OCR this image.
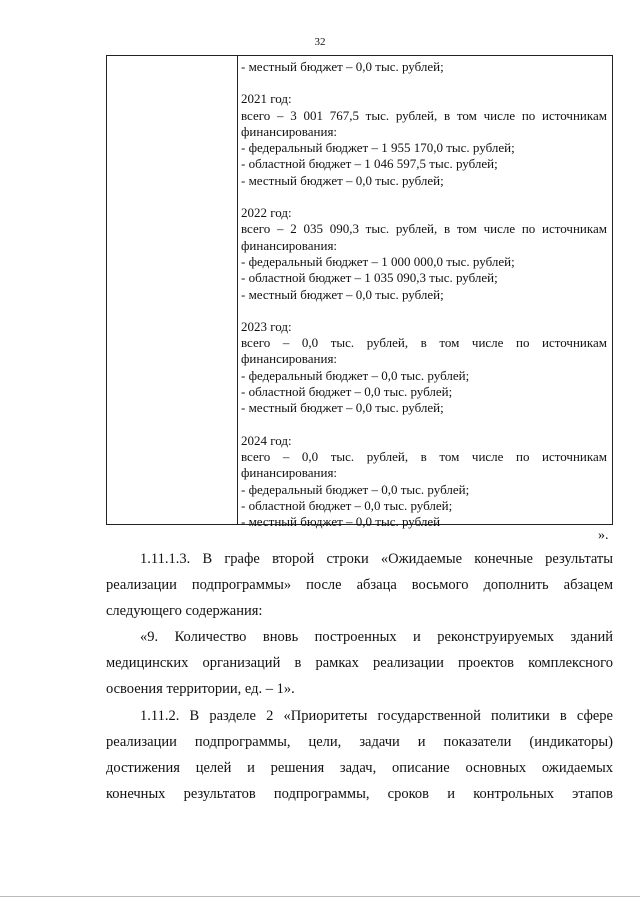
32
- местный бюджет – 0,0 тыс. рублей;
2021 год:
всего – 3 001 767,5 тыс. рублей, в том числе по источникам
финансирования:
- федеральный бюджет – 1 955 170,0 тыс. рублей;
- областной бюджет – 1 046 597,5 тыс. рублей;
- местный бюджет – 0,0 тыс. рублей;
2022 год:
всего – 2 035 090,3 тыс. рублей, в том числе по источникам
финансирования:
- федеральный бюджет – 1 000 000,0 тыс. рублей;
- областной бюджет – 1 035 090,3 тыс. рублей;
- местный бюджет – 0,0 тыс. рублей;
2023 год:
всего – 0,0 тыс. рублей, в том числе по источникам
финансирования:
- федеральный бюджет – 0,0 тыс. рублей;
- областной бюджет – 0,0 тыс. рублей;
- местный бюджет – 0,0 тыс. рублей;
2024 год:
всего – 0,0 тыс. рублей, в том числе по источникам
финансирования:
- федеральный бюджет – 0,0 тыс. рублей;
- областной бюджет – 0,0 тыс. рублей;
- местный бюджет – 0,0 тыс. рублей
».
1.11.1.3. В графе второй строки «Ожидаемые конечные результаты
реализации подпрограммы» после абзаца восьмого дополнить абзацем
следующего содержания:
«9. Количество вновь построенных и реконструируемых зданий
медицинских организаций в рамках реализации проектов комплексного
освоения территории, ед. – 1».
1.11.2. В разделе 2 «Приоритеты государственной политики в сфере
реализации подпрограммы, цели, задачи и показатели (индикаторы)
достижения целей и решения задач, описание основных ожидаемых
конечных результатов подпрограммы, сроков и контрольных этапов
